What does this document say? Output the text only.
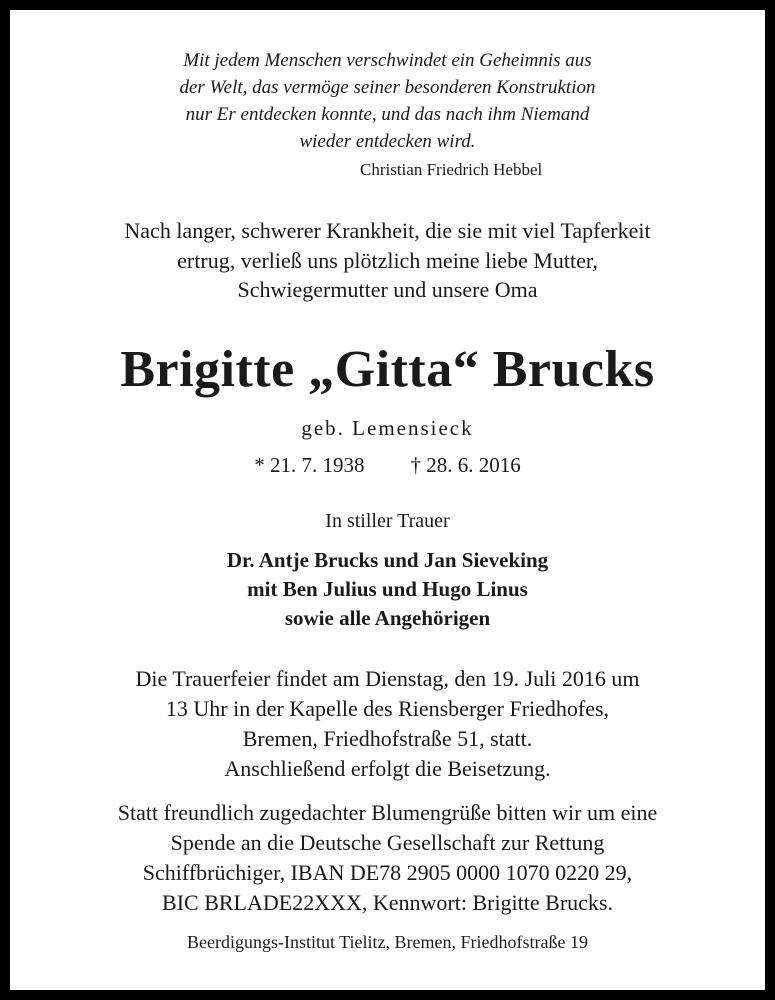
Mit jedem Menschen verschwindet ein Geheimnis aus
der Welt, das vermöge seiner besonderen Konstruktion
nur Er entdecken konnte, und das nach ihm Niemand
wieder entdecken wird.
Christian Friedrich Hebbel
Nach langer, schwerer Krankheit, die sie mit viel Tapferkeit
ertrug, verließ uns plötzlich meine liebe Mutter,
Schwiegermutter und unsere Oma
Brigitte „Gitta“ Brucks
geb. Lemensieck
* 21. 7. 1938 † 28. 6. 2016
In stiller Trauer
Dr. Antje Brucks und Jan Sieveking
mit Ben Julius und Hugo Linus
sowie alle Angehörigen
Die Trauerfeier findet am Dienstag, den 19. Juli 2016 um
13 Uhr in der Kapelle des Riensberger Friedhofes,
Bremen, Friedhofstraße 51, statt.
Anschließend erfolgt die Beisetzung.
Statt freundlich zugedachter Blumengrüße bitten wir um eine
Spende an die Deutsche Gesellschaft zur Rettung
Schiffbrüchiger, IBAN DE78 2905 0000 1070 0220 29,
BIC BRLADE22XXX, Kennwort: Brigitte Brucks.
Beerdigungs-Institut Tielitz, Bremen, Friedhofstraße 19
